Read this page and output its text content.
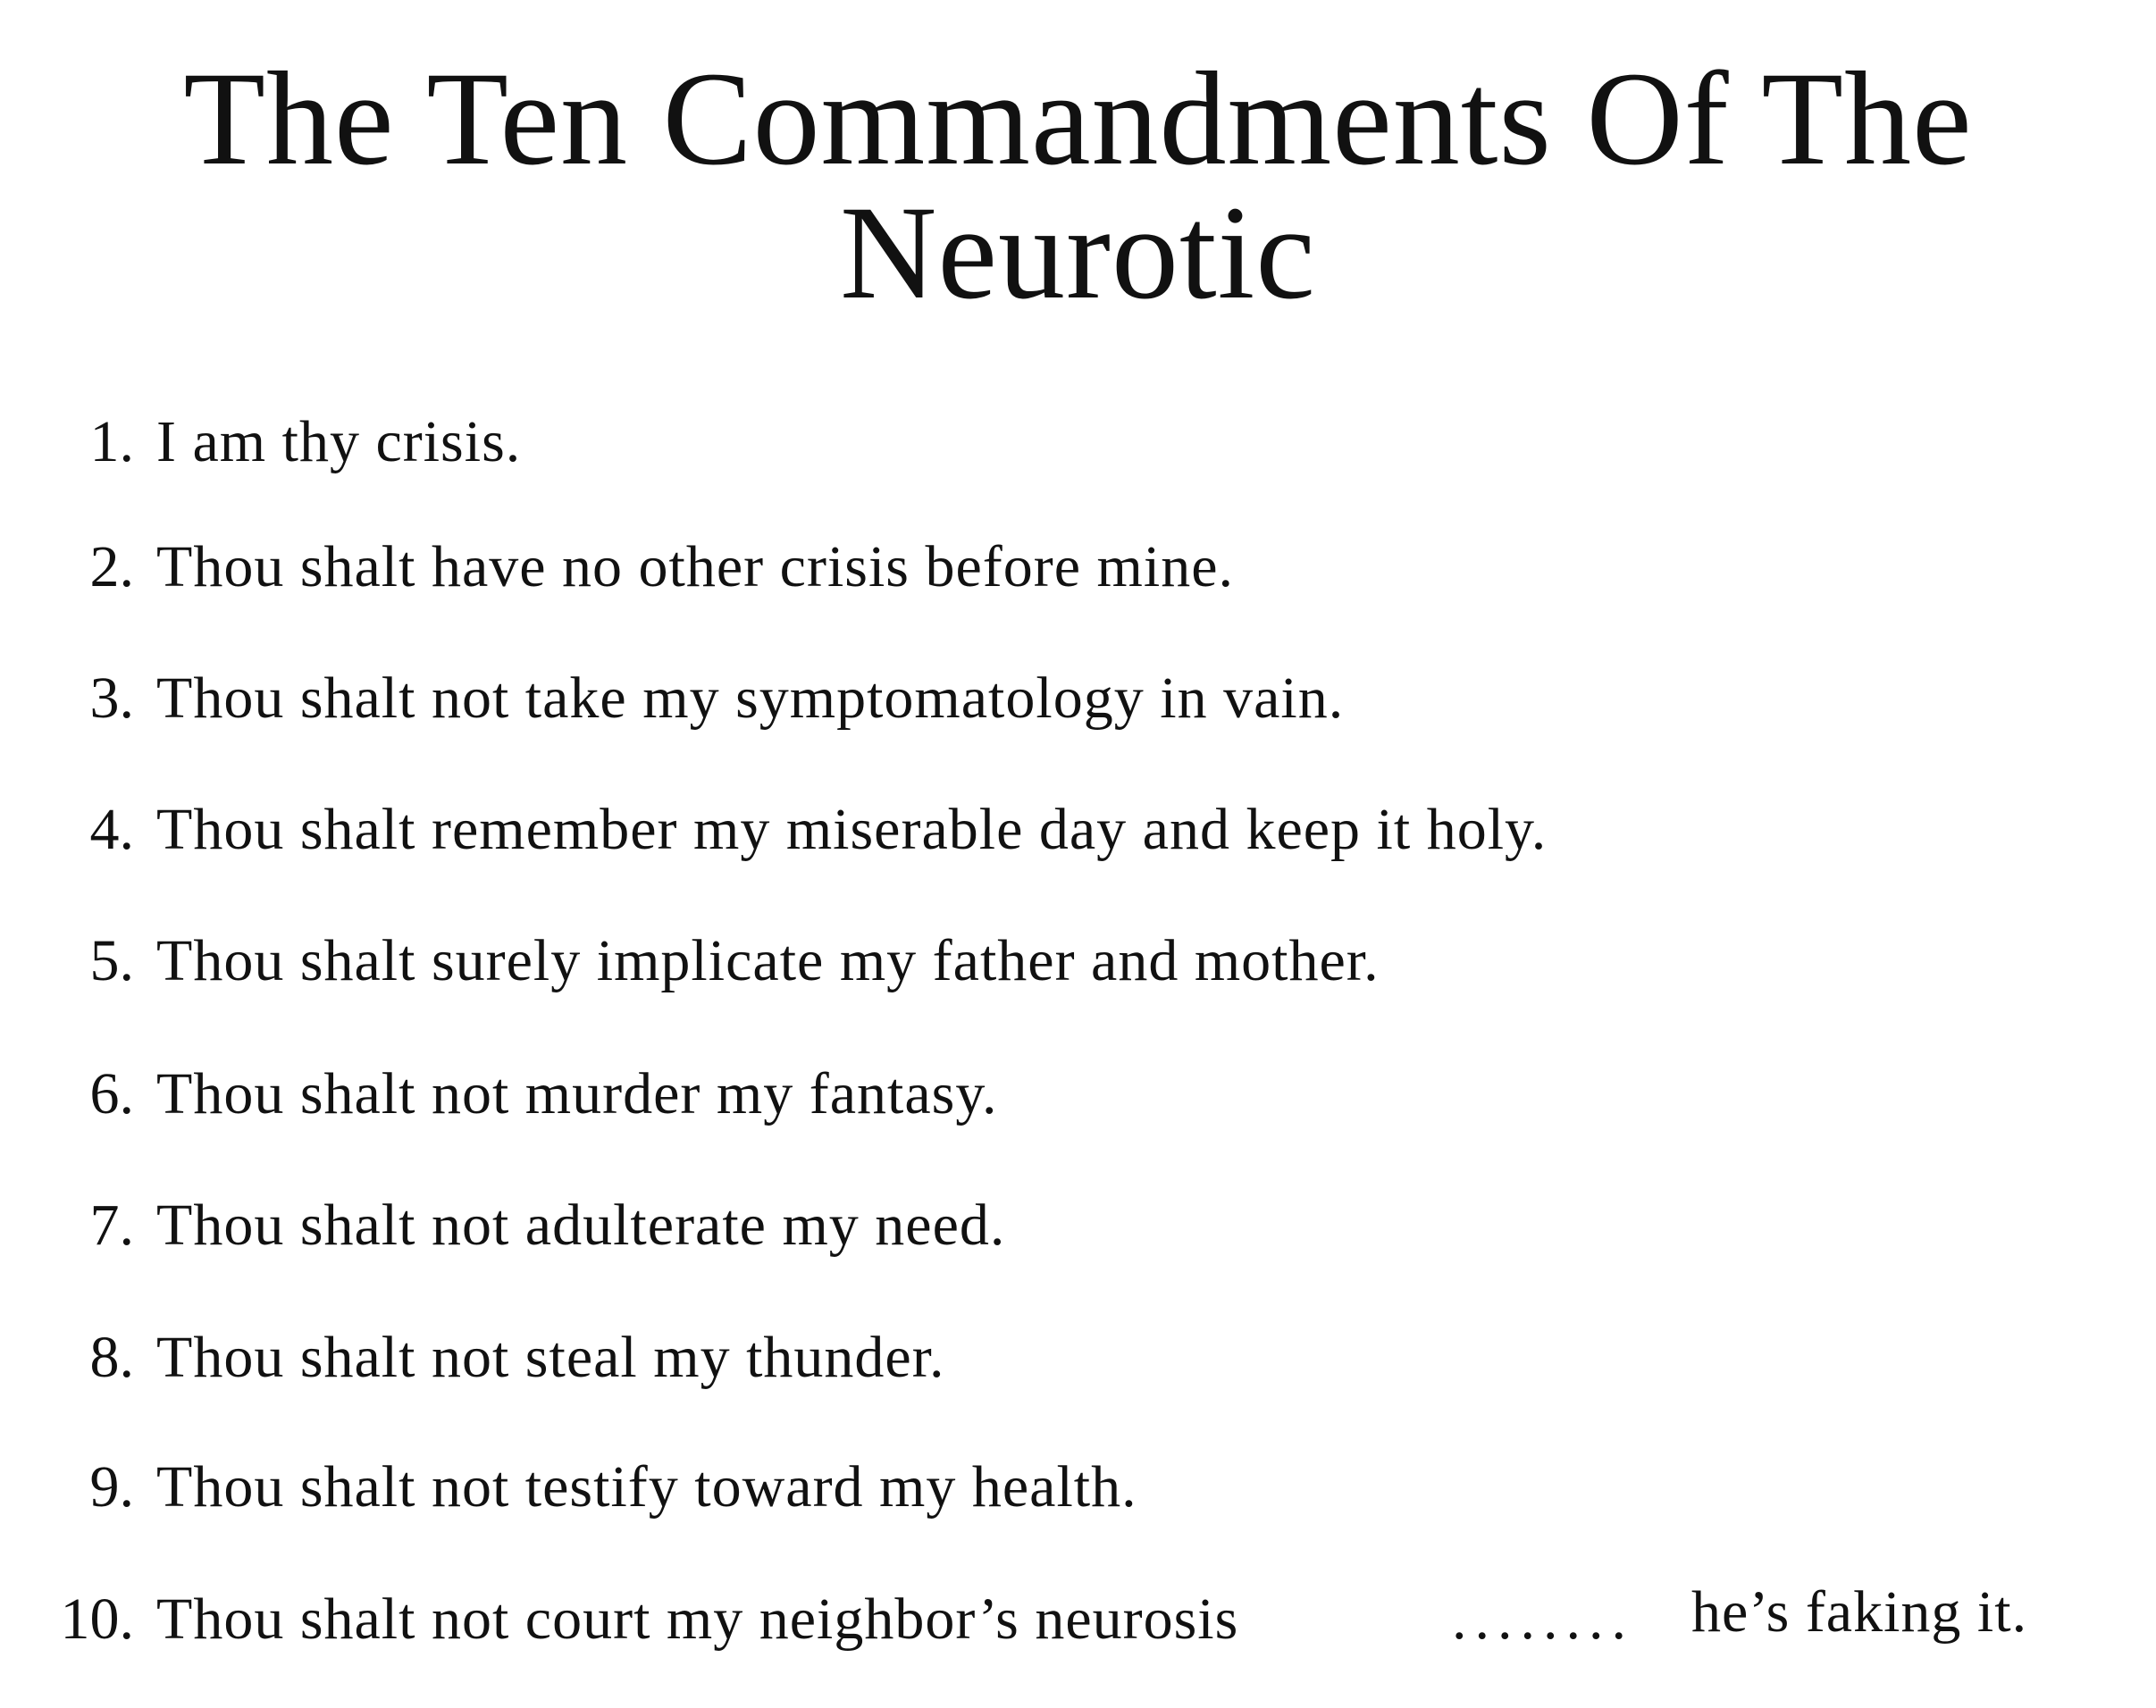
The Ten Commandments Of The
Neurotic
1. I am thy crisis.
2. Thou shalt have no other crisis before mine.
3. Thou shalt not take my symptomatology in vain.
4. Thou shalt remember my miserable day and keep it holy.
5. Thou shalt surely implicate my father and mother.
6. Thou shalt not murder my fantasy.
7. Thou shalt not adulterate my need.
8. Thou shalt not steal my thunder.
9. Thou shalt not testify toward my health.
10. Thou shalt not court my neighbor’s neurosis	........ he’s faking it.
